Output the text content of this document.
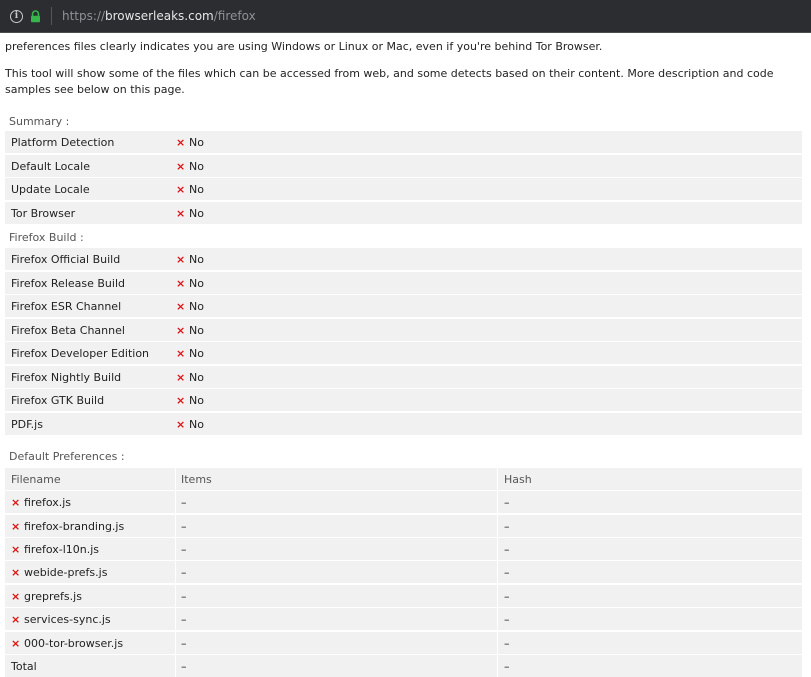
i	https://browserleaks.com/firefox
preferences files clearly indicates you are using Windows or Linux or Mac, even if you're behind Tor Browser.
This tool will show some of the files which can be accessed from web, and some detects based on their content. More description and code samples see below on this page.
Summary :
Platform Detection	× No
Default Locale	× No
Update Locale	× No
Tor Browser	× No
Firefox Build :
Firefox Official Build	× No
Firefox Release Build	× No
Firefox ESR Channel	× No
Firefox Beta Channel	× No
Firefox Developer Edition × No
Firefox Nightly Build	× No
Firefox GTK Build	× No
PDF.js	× No
Default Preferences :
Filename	Items	Hash
× firefox.js	–	–
× firefox-branding.js	–	–
× firefox-l10n.js	–	–
× webide-prefs.js	–	–
× greprefs.js	–	–
× services-sync.js	–	–
× 000-tor-browser.js	–	–
Total	–	–
